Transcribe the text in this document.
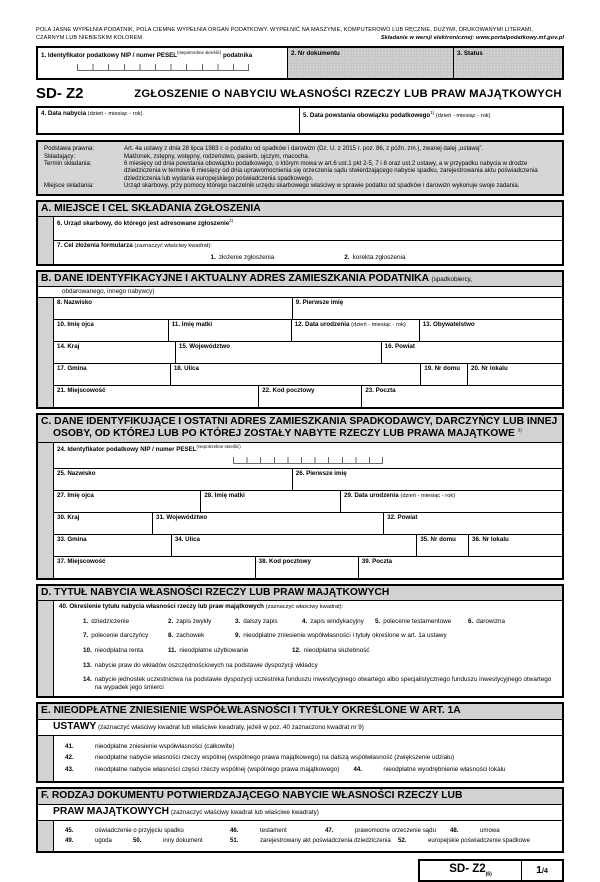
POLA JASNE WYPEŁNIA PODATNIK, POLA CIEMNE WYPEŁNIA ORGAN PODATKOWY. WYPEŁNIĆ NA MASZYNIE, KOMPUTEROWO LUB RĘCZNIE, DUŻYMI, DRUKOWANYMI LITERAMI,
CZARNYM LUB NIEBIESKIM KOLOREM.	Składanie w wersji elektronicznej: www.portalpodatkowy.mf.gov.pl
1. Identyfikator podatkowy NIP / numer $PESEL^{(niepotrzebne skreślić)}$ podatnika	2. Nr dokumentu	3. Status
SD- Z2	ZGŁOSZENIE O NABYCIU WŁASNOŚCI RZECZY LUB PRAW MAJĄTKOWYCH
4. Data nabycia (dzień - miesiąc - rok)	5. Data powstania obowiązku podatkowego$^{1)}$ (dzień - miesiąc - rok)
Podstawa prawna:	Art. 4a ustawy z dnia 28 lipca 1983 r. o podatku od spadków i darowizn (Dz. U. z 2015 r. poz. 86, z późn. zm.), zwanej dalej „ustawą”.
Składający:	Małżonek, zstępny, wstępny, rodzeństwo, pasierb, ojczym, macocha.
Termin składania:	6 miesięcy od dnia powstania obowiązku podatkowego, o którym mowa w art.6 ust.1 pkt 2-5, 7 i 8 oraz ust.2 ustawy, a w przypadku nabycia w drodze dziedziczenia w terminie 6 miesięcy od dnia uprawomocnienia się orzeczenia sądu stwierdzającego nabycie spadku, zarejestrowania aktu poświadczenia dziedziczenia lub wydania europejskiego poświadczenia spadkowego.
Miejsce składania:	Urząd skarbowy, przy pomocy którego naczelnik urzędu skarbowego właściwy w sprawie podatku od spadków i darowizn wykonuje swoje zadania.
A. MIEJSCE I CEL SKŁADANIA ZGŁOSZENIA
6. Urząd skarbowy, do którego jest adresowane zgłoszenie$^{2)}$
7. Cel złożenia formularza (zaznaczyć właściwy kwadrat):
1. złożenie zgłoszenia	2. korekta zgłoszenia
B. DANE IDENTYFIKACYJNE I AKTUALNY ADRES ZAMIESZKANIA PODATNIKA (spadkobiercy,
obdarowanego, innego nabywcy)
8. Nazwisko	9. Pierwsze imię
10. Imię ojca	11. Imię matki	12. Data urodzenia (dzień - miesiąc - rok)	13. Obywatelstwo
14. Kraj	15. Województwo	16. Powiat
17. Gmina	18. Ulica	19. Nr domu	20. Nr lokalu
21. Miejscowość	22. Kod pocztowy	23. Poczta
C. DANE IDENTYFIKUJĄCE I OSTATNI ADRES ZAMIESZKANIA SPADKODAWCY, DARCZYŃCY LUB INNEJ
OSOBY, OD KTÓREJ LUB PO KTÓREJ ZOSTAŁY NABYTE RZECZY LUB PRAWA MAJĄTKOWE $^{3)}$
24. Identyfikator podatkowy NIP / numer $PESEL^{(niepotrzebne skreślić)}$
25. Nazwisko	26. Pierwsze imię
27. Imię ojca	28. Imię matki	29. Data urodzenia (dzień - miesiąc - rok)
30. Kraj	31. Województwo	32. Powiat
33. Gmina	34. Ulica	35. Nr domu	36. Nr lokalu
37. Miejscowość	38. Kod pocztowy	39. Poczta
D. TYTUŁ NABYCIA WŁASNOŚCI RZECZY LUB PRAW MAJĄTKOWYCH
40. Określenie tytułu nabycia własności rzeczy lub praw majątkowych (zaznaczyć właściwy kwadrat):
1. dziedziczenie	2. zapis zwykły	3. dalszy zapis	4. zapis windykacyjny 5. polecenie testamentowe	6. darowizna
7. polecenie darczyńcy	8. zachowek	9. nieodpłatne zniesienie współwłasności i tytuły określone w art. 1a ustawy
10. nieodpłatna renta	11. nieodpłatne użytkowanie	12. nieodpłatna służebność
13. nabycie praw do wkładów oszczędnościowych na podstawie dyspozycji wkładcy
14. nabycie jednostek uczestnictwa na podstawie dyspozycji uczestnika funduszu inwestycyjnego otwartego albo specjalistycznego funduszu inwestycyjnego otwartego na wypadek jego śmierci
E. NIEODPŁATNE ZNIESIENIE WSPÓŁWŁASNOŚCI I TYTUŁY OKREŚLONE W ART. 1A
USTAWY (zaznaczyć właściwy kwadrat lub właściwe kwadraty, jeżeli w poz. 40 zaznaczono kwadrat nr 9)
41.	nieodpłatne zniesienie współwłasności (całkowite)
42.	nieodpłatne nabycie własności rzeczy wspólnej (wspólnego prawa majątkowego) na dalszą współwłasność (zwiększenie udziału)
43.	nieodpłatne nabycie własności części rzeczy wspólnej (wspólnego prawa majątkowego) 44.	nieodpłatne wyodrębnienie własności lokalu
F. RODZAJ DOKUMENTU POTWIERDZAJĄCEGO NABYCIE WŁASNOŚCI RZECZY LUB
PRAW MAJĄTKOWYCH (zaznaczyć właściwy kwadrat lub właściwe kwadraty)
45.	oświadczenie o przyjęciu spadku	46.	testament	47.	prawomocne orzeczenie sądu 48.	umowa
49.	ugoda	50.	inny dokument	51.	zarejestrowany akt poświadczenia dziedziczenia 52.	europejskie poświadczenie spadkowe
SD- $Z2_{(6)}$	1/4
